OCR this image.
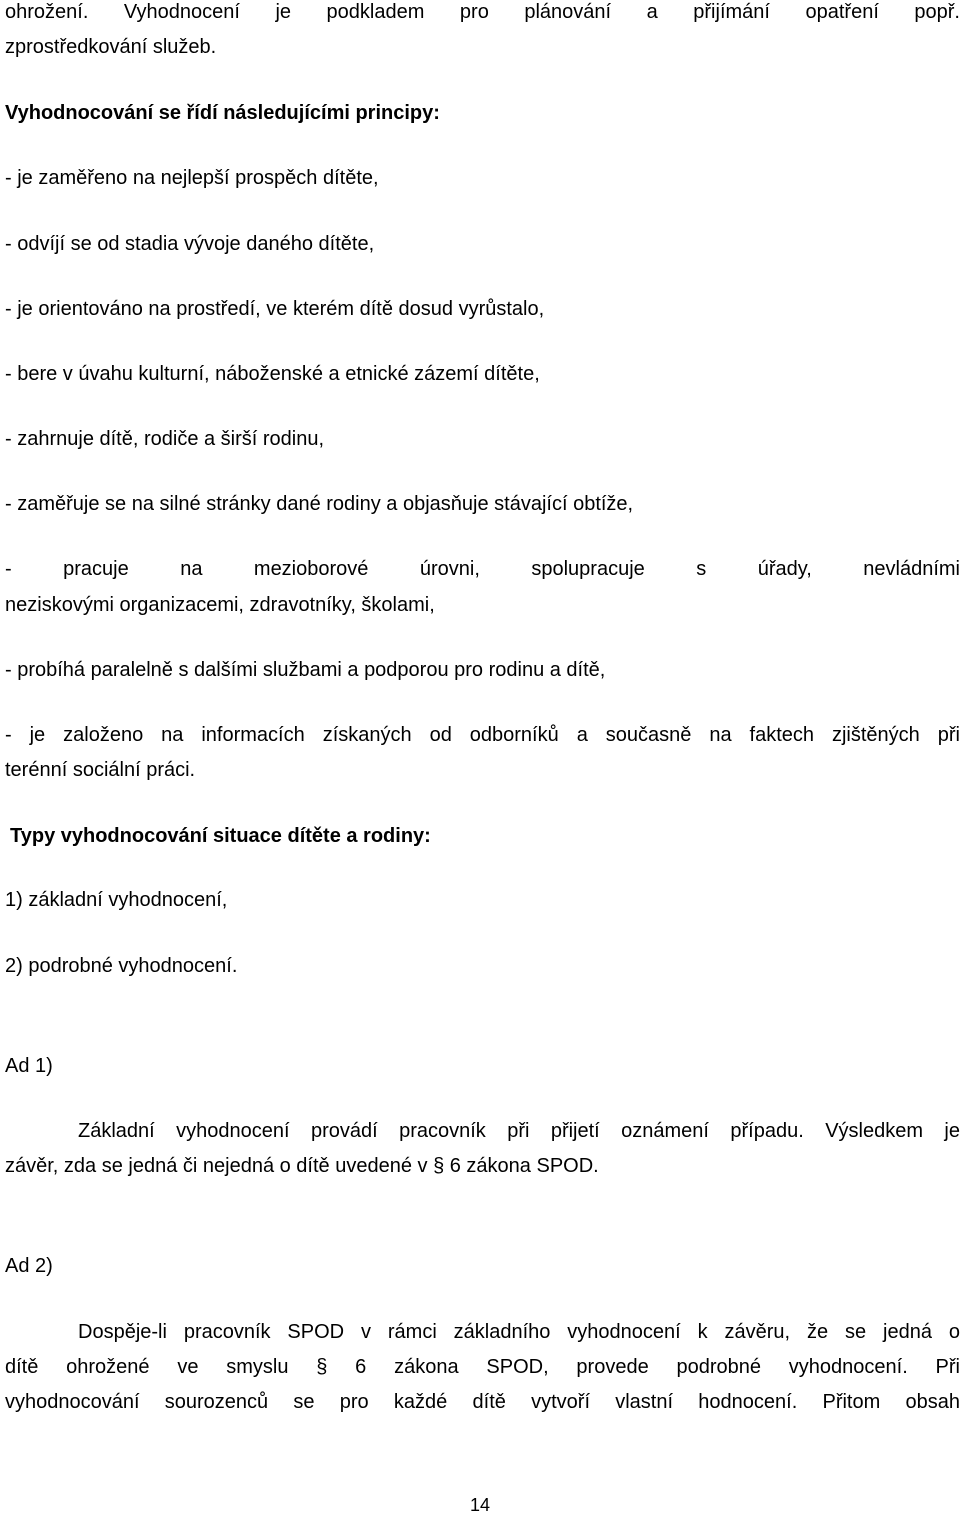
ohrožení. Vyhodnocení je podkladem pro plánování a přijímání opatření popř.

zprostředkování služeb.

Vyhodnocování se řídí následujícími principy:

- je zaměřeno na nejlepší prospěch dítěte,

- odvíjí se od stadia vývoje daného dítěte,

- je orientováno na prostředí, ve kterém dítě dosud vyrůstalo,

- bere v úvahu kulturní, náboženské a etnické zázemí dítěte,

- zahrnuje dítě, rodiče a širší rodinu,

- zaměřuje se na silné stránky dané rodiny a objasňuje stávající obtíže,

- pracuje na mezioborové úrovni, spolupracuje s úřady, nevládními

neziskovými organizacemi, zdravotníky, školami,

- probíhá paralelně s dalšími službami a podporou pro rodinu a dítě,

- je založeno na informacích získaných od odborníků a současně na faktech zjištěných při

terénní sociální práci.

Typy vyhodnocování situace dítěte a rodiny:

1) základní vyhodnocení,

2) podrobné vyhodnocení.

Ad 1)

Základní vyhodnocení provádí pracovník při přijetí oznámení případu. Výsledkem je

závěr, zda se jedná či nejedná o dítě uvedené v § 6 zákona SPOD.

Ad 2)

Dospěje-li pracovník SPOD v rámci základního vyhodnocení k závěru, že se jedná o

dítě ohrožené ve smyslu § 6 zákona SPOD, provede podrobné vyhodnocení. Při

vyhodnocování sourozenců se pro každé dítě vytvoří vlastní hodnocení. Přitom obsah

14
